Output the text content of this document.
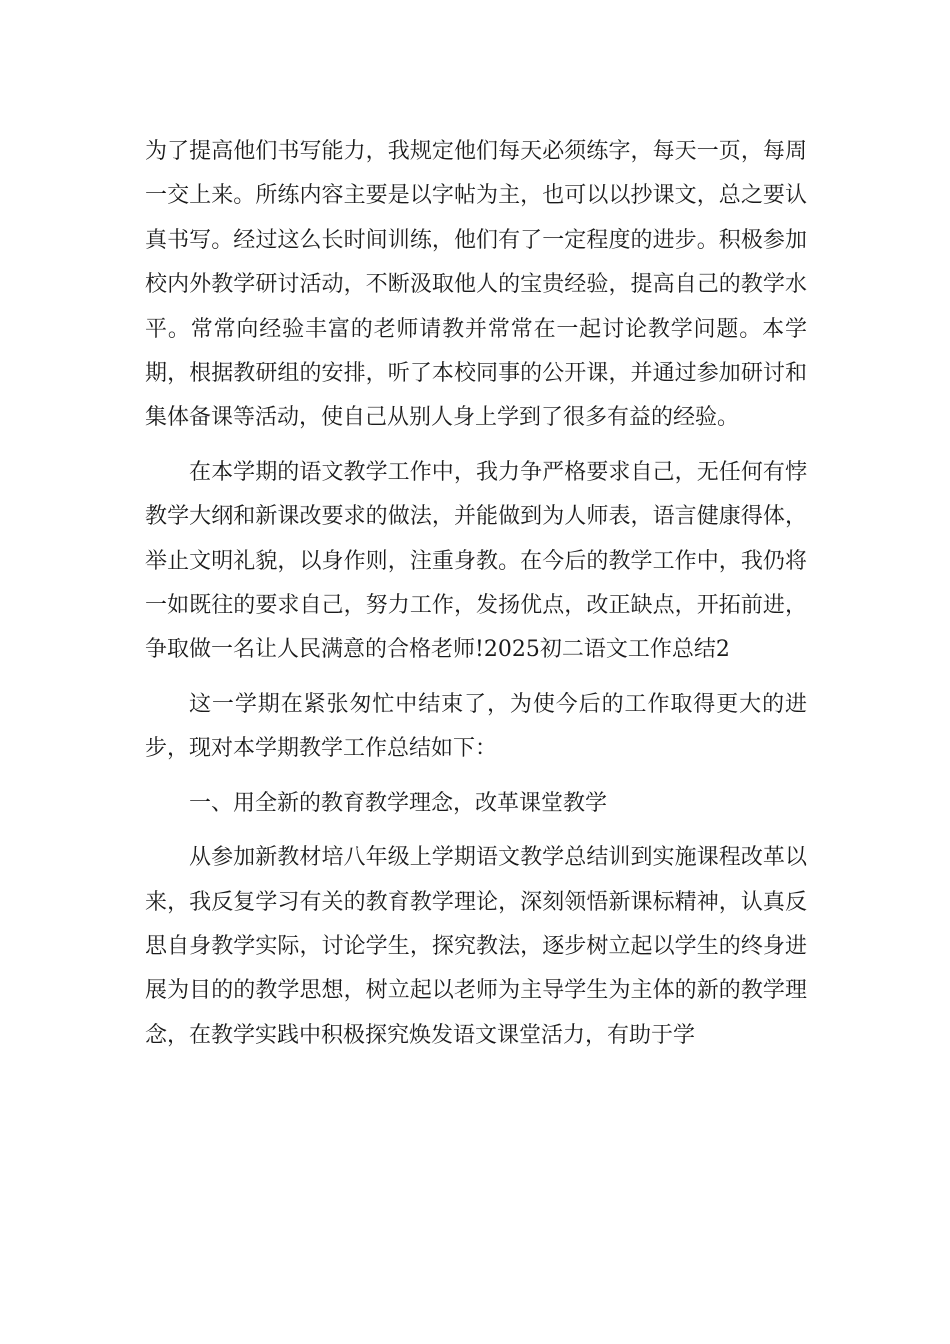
为了提高他们书写能力，我规定他们每天必须练字，每天一页，每周一交上来。所练内容主要是以字帖为主，也可以以抄课文，总之要认真书写。经过这么长时间训练，他们有了一定程度的进步。积极参加校内外教学研讨活动，不断汲取他人的宝贵经验，提高自己的教学水平。常常向经验丰富的老师请教并常常在一起讨论教学问题。本学期，根据教研组的安排，听了本校同事的公开课，并通过参加研讨和集体备课等活动，使自己从别人身上学到了很多有益的经验。

在本学期的语文教学工作中，我力争严格要求自己，无任何有悖教学大纲和新课改要求的做法，并能做到为人师表，语言健康得体，举止文明礼貌，以身作则，注重身教。在今后的教学工作中，我仍将一如既往的要求自己，努力工作，发扬优点，改正缺点，开拓前进，争取做一名让人民满意的合格老师!2025初二语文工作总结2

这一学期在紧张匆忙中结束了，为使今后的工作取得更大的进步，现对本学期教学工作总结如下：

一、用全新的教育教学理念，改革课堂教学

从参加新教材培八年级上学期语文教学总结训到实施课程改革以来，我反复学习有关的教育教学理论，深刻领悟新课标精神，认真反思自身教学实际，讨论学生，探究教法，逐步树立起以学生的终身进展为目的的教学思想，树立起以老师为主导学生为主体的新的教学理念，在教学实践中积极探究焕发语文课堂活力，有助于学
